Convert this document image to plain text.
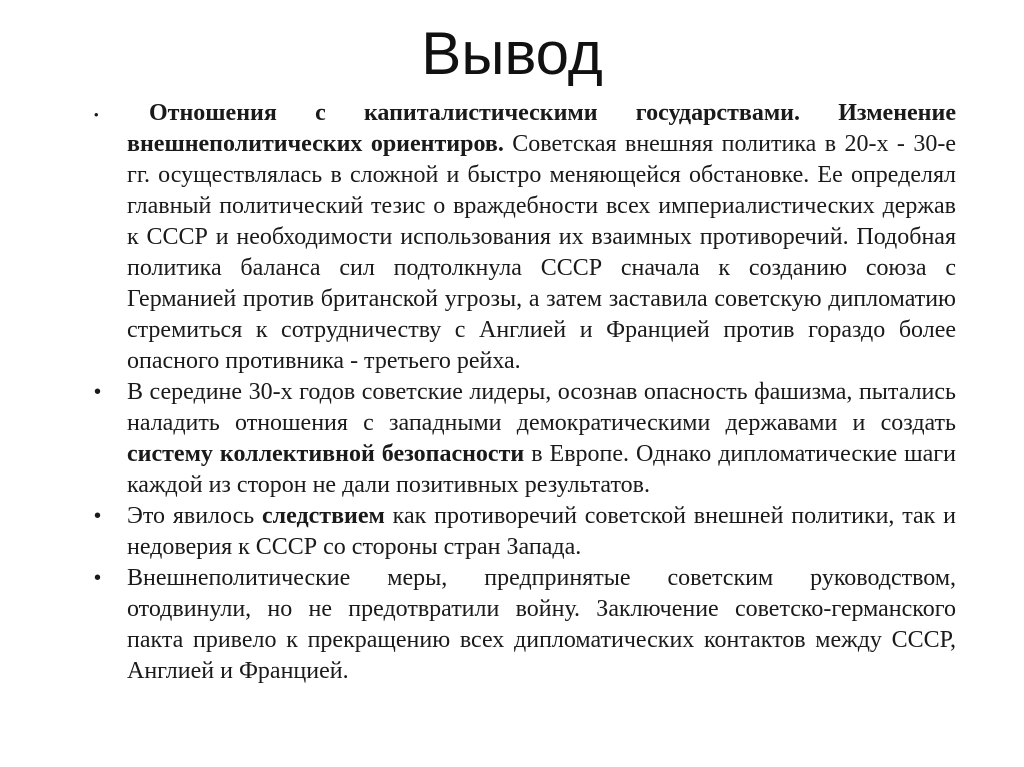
Вывод
• Отношения с капиталистическими государствами. Изменение внешнеполитических ориентиров. Советская внешняя политика в 20-х - 30-е гг. осуществлялась в сложной и быстро меняющейся обстановке. Ее определял главный политический тезис о враждебности всех империалистических держав к СССР и необходимости использования их взаимных противоречий. Подобная политика баланса сил подтолкнула СССР сначала к созданию союза с Германией против британской угрозы, а затем заставила советскую дипломатию стремиться к сотрудничеству с Англией и Францией против гораздо более опасного противника - третьего рейха.
• В середине 30-х годов советские лидеры, осознав опасность фашизма, пытались наладить отношения с западными демократическими державами и создать систему коллективной безопасности в Европе. Однако дипломатические шаги каждой из сторон не дали позитивных результатов.
• Это явилось следствием как противоречий советской внешней политики, так и недоверия к СССР со стороны стран Запада.
• Внешнеполитические меры, предпринятые советским руководством, отодвинули, но не предотвратили войну. Заключение советско-германского пакта привело к прекращению всех дипломатических контактов между СССР, Англией и Францией.
